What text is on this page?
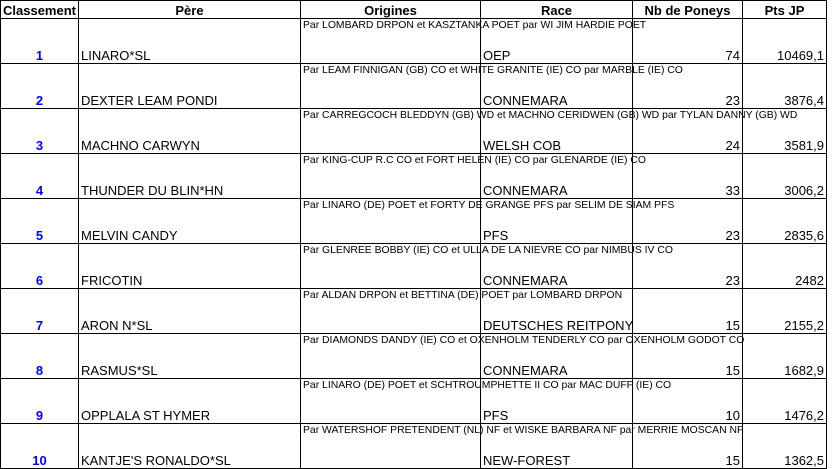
Classement	Père	Origines	Race	Nb de Poneys	Pts JP
1	LINARO*SL	Par LOMBARD DRPON et KASZTANKA POET par WI JIM HARDIE POET	OEP	74	10469,1
2	DEXTER LEAM PONDI	Par LEAM FINNIGAN (GB) CO et WHITE GRANITE (IE) CO par MARBLE (IE) CO	CONNEMARA	23	3876,4
3	MACHNO CARWYN	Par CARREGCOCH BLEDDYN (GB) WD et MACHNO CERIDWEN (GB) WD par TYLAN DANNY (GB) WD	WELSH COB	24	3581,9
4	THUNDER DU BLIN*HN	Par KING-CUP R.C CO et FORT HELEN (IE) CO par GLENARDE (IE) CO	CONNEMARA	33	3006,2
5	MELVIN CANDY	Par LINARO (DE) POET et FORTY DE GRANGE PFS par SELIM DE SIAM PFS	PFS	23	2835,6
6	FRICOTIN	Par GLENREE BOBBY (IE) CO et ULLA DE LA NIEVRE CO par NIMBUS IV CO	CONNEMARA	23	2482
7	ARON N*SL	Par ALDAN DRPON et BETTINA (DE) POET par LOMBARD DRPON	DEUTSCHES REITPONY	15	2155,2
8	RASMUS*SL	Par DIAMONDS DANDY (IE) CO et OXENHOLM TENDERLY CO par OXENHOLM GODOT CO	CONNEMARA	15	1682,9
9	OPPLALA ST HYMER	Par LINARO (DE) POET et SCHTROUMPHETTE II CO par MAC DUFF (IE) CO	PFS	10	1476,2
10	KANTJE'S RONALDO*SL	Par WATERSHOF PRETENDENT (NL) NF et WISKE BARBARA NF par MERRIE MOSCAN NF	NEW-FOREST	15	1362,5
